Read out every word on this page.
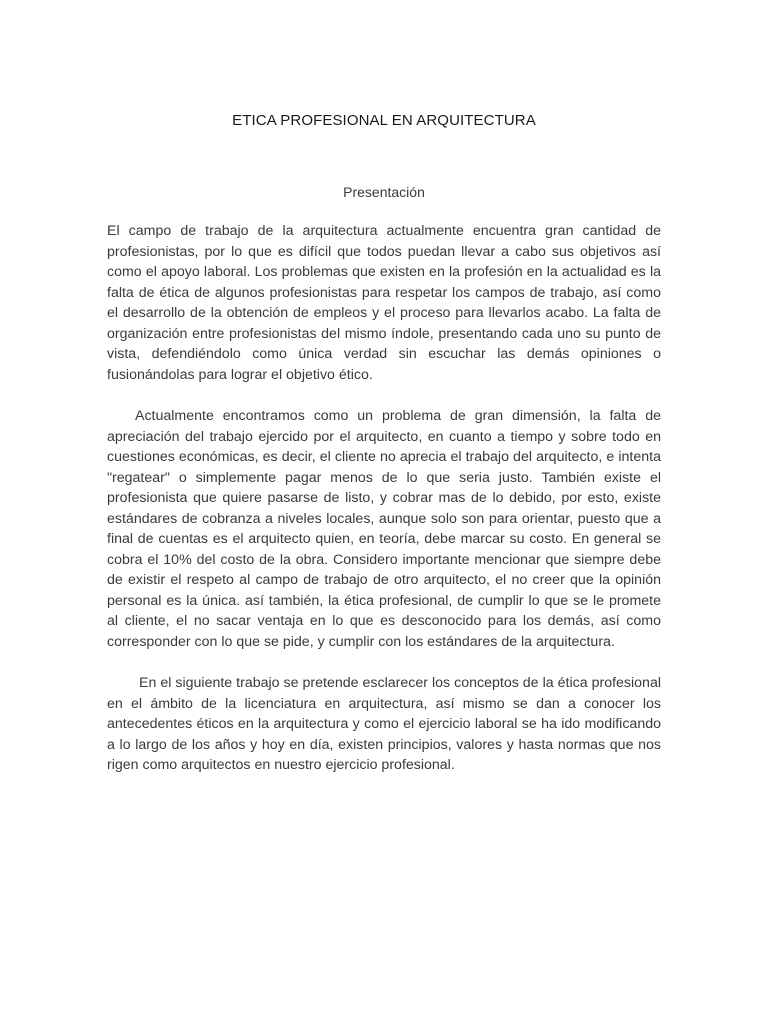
ETICA PROFESIONAL EN ARQUITECTURA

Presentación

El campo de trabajo de la arquitectura actualmente encuentra gran cantidad de profesionistas, por lo que es difícil que todos puedan llevar a cabo sus objetivos así como el apoyo laboral. Los problemas que existen en la profesión en la actualidad es la falta de ética de algunos profesionistas para respetar los campos de trabajo, así como el desarrollo de la obtención de empleos y el proceso para llevarlos acabo. La falta de organización entre profesionistas del mismo índole, presentando cada uno su punto de vista, defendiéndolo como única verdad sin escuchar las demás opiniones o fusionándolas para lograr el objetivo ético.

Actualmente encontramos como un problema de gran dimensión, la falta de apreciación del trabajo ejercido por el arquitecto, en cuanto a tiempo y sobre todo en cuestiones económicas, es decir, el cliente no aprecia el trabajo del arquitecto, e intenta "regatear" o simplemente pagar menos de lo que seria justo. También existe el profesionista que quiere pasarse de listo, y cobrar mas de lo debido, por esto, existe estándares de cobranza a niveles locales, aunque solo son para orientar, puesto que a final de cuentas es el arquitecto quien, en teoría, debe marcar su costo. En general se cobra el 10% del costo de la obra. Considero importante mencionar que siempre debe de existir el respeto al campo de trabajo de otro arquitecto, el no creer que la opinión personal es la única. así también, la ética profesional, de cumplir lo que se le promete al cliente, el no sacar ventaja en lo que es desconocido para los demás, así como corresponder con lo que se pide, y cumplir con los estándares de la arquitectura.

En el siguiente trabajo se pretende esclarecer los conceptos de la ética profesional en el ámbito de la licenciatura en arquitectura, así mismo se dan a conocer los antecedentes éticos en la arquitectura y como el ejercicio laboral se ha ido modificando a lo largo de los años y hoy en día, existen principios, valores y hasta normas que nos rigen como arquitectos en nuestro ejercicio profesional.
